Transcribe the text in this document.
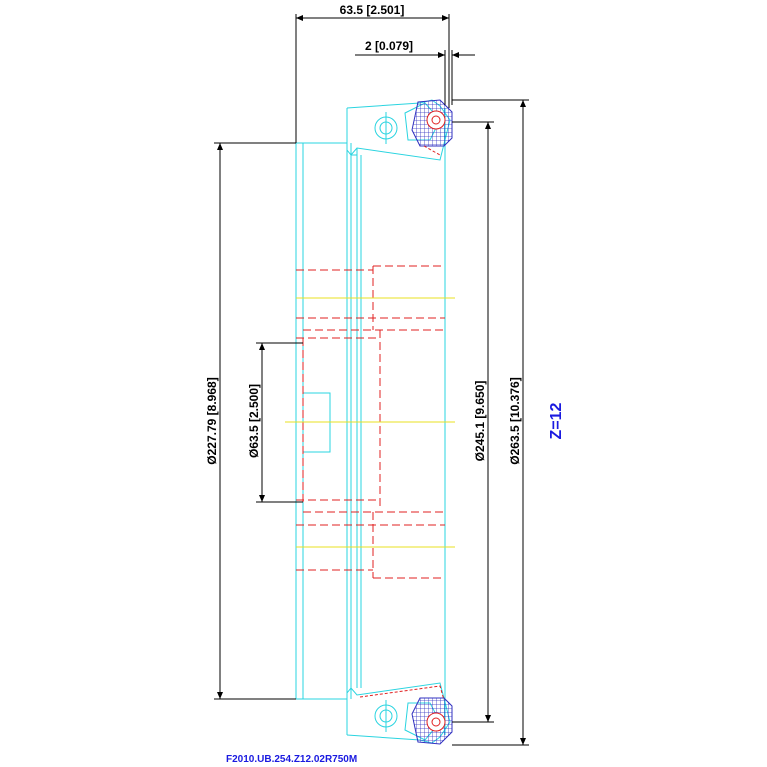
63.5 [2.501]
2 [0.079]
Ø227.79 [8.968] Ø63.5 [2.500]	Ø245.1 [9.650] Ø263.5 [10.376] Z=12
F2010.UB.254.Z12.02R750M
